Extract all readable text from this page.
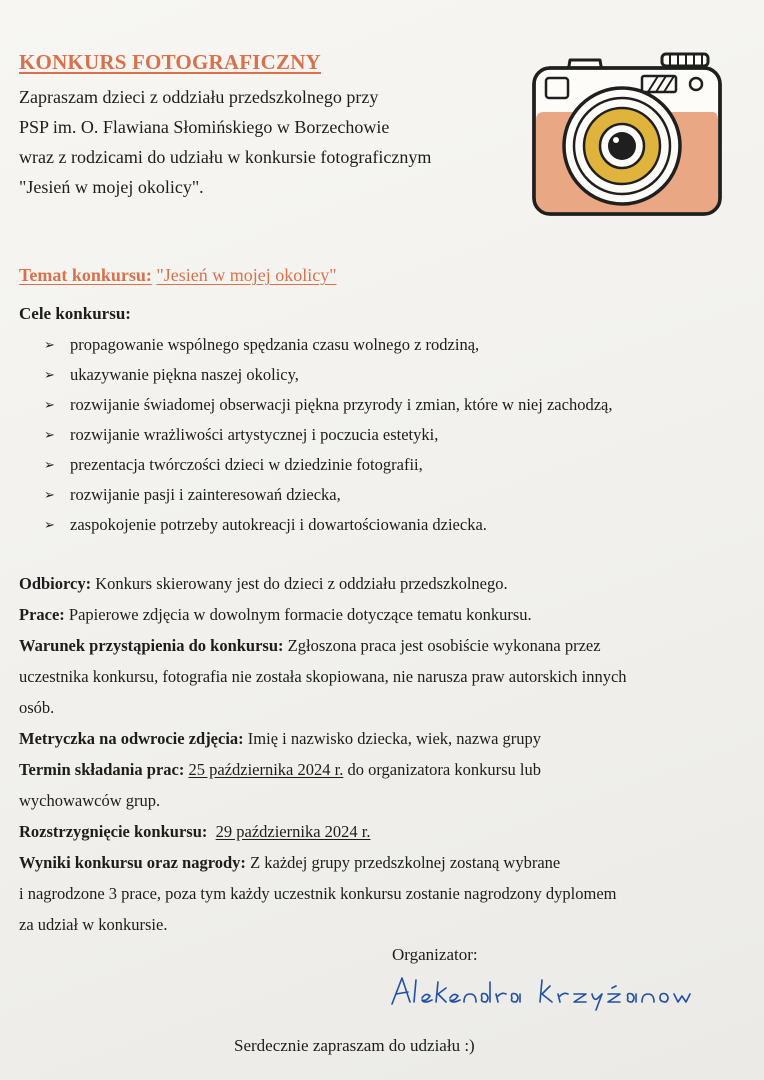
KONKURS FOTOGRAFICZNY

Zapraszam dzieci z oddziału przedszkolnego przy

PSP im. O. Flawiana Słomińskiego w Borzechowie

wraz z rodzicami do udziału w konkursie fotograficznym

"Jesień w mojej okolicy".

Temat konkursu: "Jesień w mojej okolicy"

Cele konkursu:

➢ propagowanie wspólnego spędzania czasu wolnego z rodziną,
➢ ukazywanie piękna naszej okolicy,
➢ rozwijanie świadomej obserwacji piękna przyrody i zmian, które w niej zachodzą,
➢ rozwijanie wrażliwości artystycznej i poczucia estetyki,
➢ prezentacja twórczości dzieci w dziedzinie fotografii,
➢ rozwijanie pasji i zainteresowań dziecka,
➢ zaspokojenie potrzeby autokreacji i dowartościowania dziecka.

Odbiorcy: Konkurs skierowany jest do dzieci z oddziału przedszkolnego.

Prace: Papierowe zdjęcia w dowolnym formacie dotyczące tematu konkursu.

Warunek przystąpienia do konkursu: Zgłoszona praca jest osobiście wykonana przez

uczestnika konkursu, fotografia nie została skopiowana, nie narusza praw autorskich innych

osób.

Metryczka na odwrocie zdjęcia: Imię i nazwisko dziecka, wiek, nazwa grupy

Termin składania prac: 25 października 2024 r. do organizatora konkursu lub

wychowawców grup.

Rozstrzygnięcie konkursu: 29 października 2024 r.

Wyniki konkursu oraz nagrody: Z każdej grupy przedszkolnej zostaną wybrane

i nagrodzone 3 prace, poza tym każdy uczestnik konkursu zostanie nagrodzony dyplomem

za udział w konkursie.

Organizator:

Serdecznie zapraszam do udziału :)
